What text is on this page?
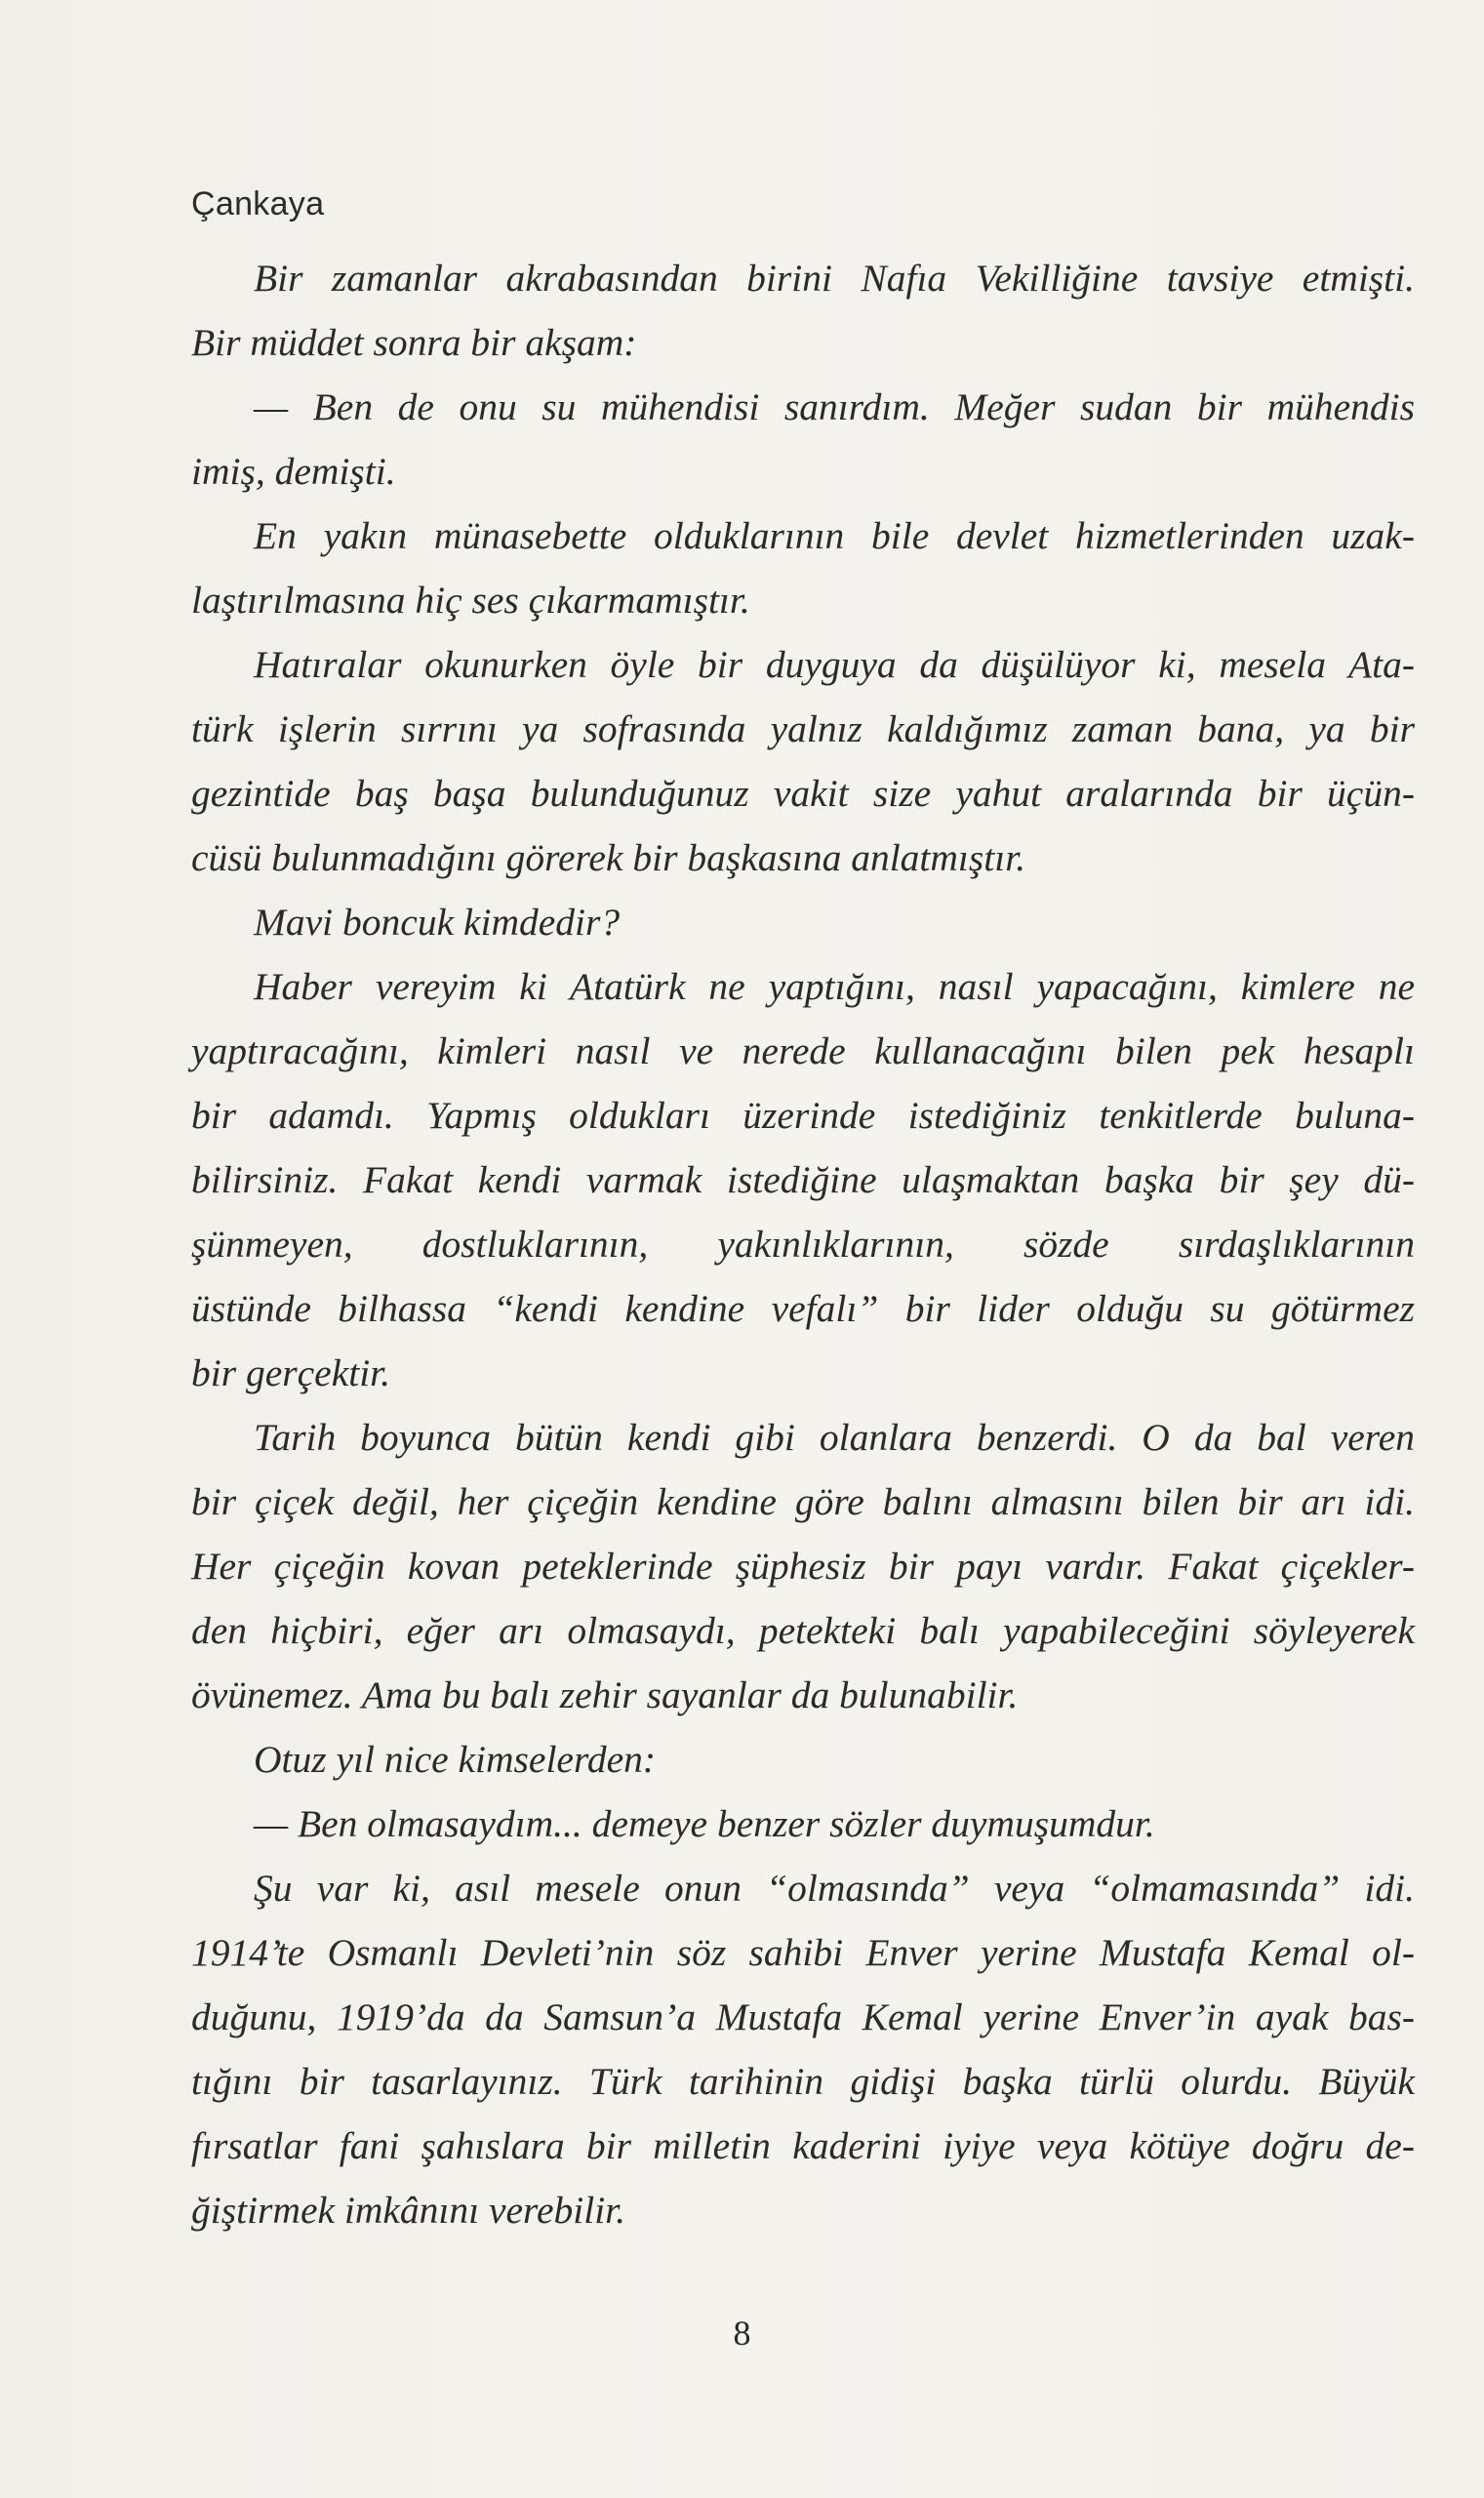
Çankaya
Bir zamanlar akrabasından birini Nafıa Vekilliğine tavsiye etmişti.
Bir müddet sonra bir akşam:
— Ben de onu su mühendisi sanırdım. Meğer sudan bir mühendis
imiş, demişti.
En yakın münasebette olduklarının bile devlet hizmetlerinden uzak-
laştırılmasına hiç ses çıkarmamıştır.
Hatıralar okunurken öyle bir duyguya da düşülüyor ki, mesela Ata-
türk işlerin sırrını ya sofrasında yalnız kaldığımız zaman bana, ya bir
gezintide baş başa bulunduğunuz vakit size yahut aralarında bir üçün-
cüsü bulunmadığını görerek bir başkasına anlatmıştır.
Mavi boncuk kimdedir?
Haber vereyim ki Atatürk ne yaptığını, nasıl yapacağını, kimlere ne
yaptıracağını, kimleri nasıl ve nerede kullanacağını bilen pek hesaplı
bir adamdı. Yapmış oldukları üzerinde istediğiniz tenkitlerde buluna-
bilirsiniz. Fakat kendi varmak istediğine ulaşmaktan başka bir şey dü-
şünmeyen, dostluklarının, yakınlıklarının, sözde sırdaşlıklarının
üstünde bilhassa “kendi kendine vefalı” bir lider olduğu su götürmez
bir gerçektir.
Tarih boyunca bütün kendi gibi olanlara benzerdi. O da bal veren
bir çiçek değil, her çiçeğin kendine göre balını almasını bilen bir arı idi.
Her çiçeğin kovan peteklerinde şüphesiz bir payı vardır. Fakat çiçekler-
den hiçbiri, eğer arı olmasaydı, petekteki balı yapabileceğini söyleyerek
övünemez. Ama bu balı zehir sayanlar da bulunabilir.
Otuz yıl nice kimselerden:
— Ben olmasaydım... demeye benzer sözler duymuşumdur.
Şu var ki, asıl mesele onun “olmasında” veya “olmamasında” idi.
1914’te Osmanlı Devleti’nin söz sahibi Enver yerine Mustafa Kemal ol-
duğunu, 1919’da da Samsun’a Mustafa Kemal yerine Enver’in ayak bas-
tığını bir tasarlayınız. Türk tarihinin gidişi başka türlü olurdu. Büyük
fırsatlar fani şahıslara bir milletin kaderini iyiye veya kötüye doğru de-
ğiştirmek imkânını verebilir.
8
